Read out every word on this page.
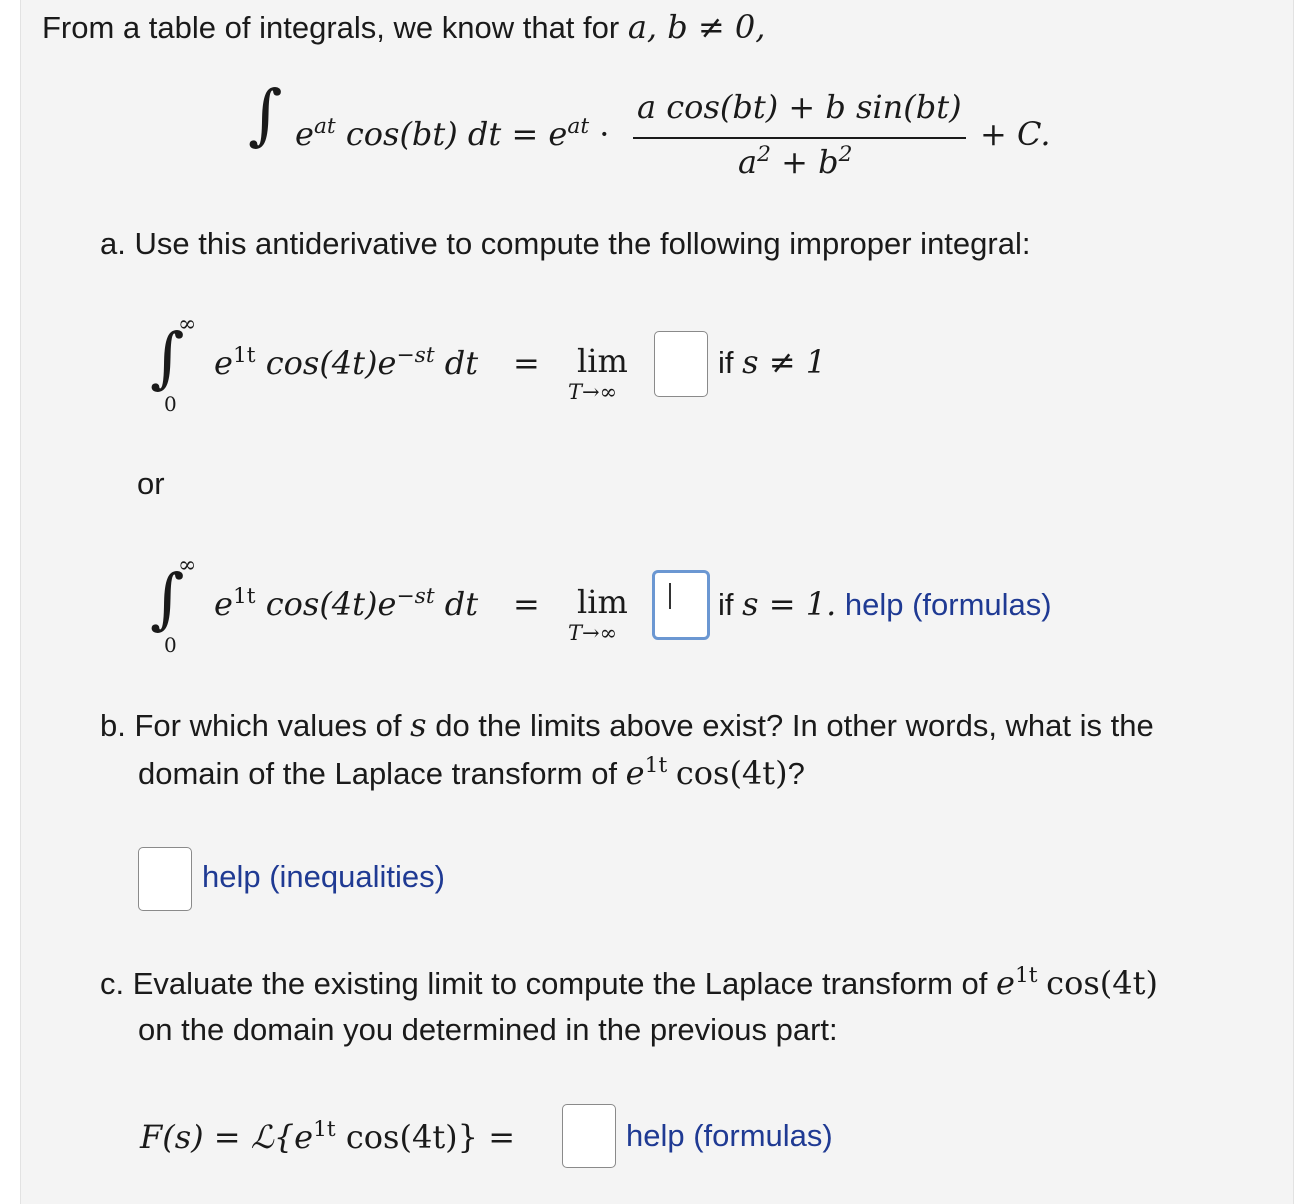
From a table of integrals, we know that for a, b ≠ 0,
∫ $e^{at}$ cos(bt) dt = $e^{at}$ ·
a cos(bt) + b sin(bt)
$a^2 + b^2$
+ C.
a. Use this antiderivative to compute the following improper integral:
∫
∞
0
$e^{1t}$ $\cos(4t)e^{-st}$ dt = lim
T→∞
if s ≠ 1
or
∫
∞
0
$e^{1t}$ $\cos(4t)e^{-st}$ dt = lim
T→∞
if s = 1. help (formulas)
b. For which values of s do the limits above exist? In other words, what is the
domain of the Laplace transform of $e^{1t}$ cos(4t)?
help (inequalities)
c. Evaluate the existing limit to compute the Laplace transform of $e^{1t}$ cos(4t)
on the domain you determined in the previous part:
$F(s) = ℒ\{e^{1t}$ cos(4t)} =	help (formulas)
